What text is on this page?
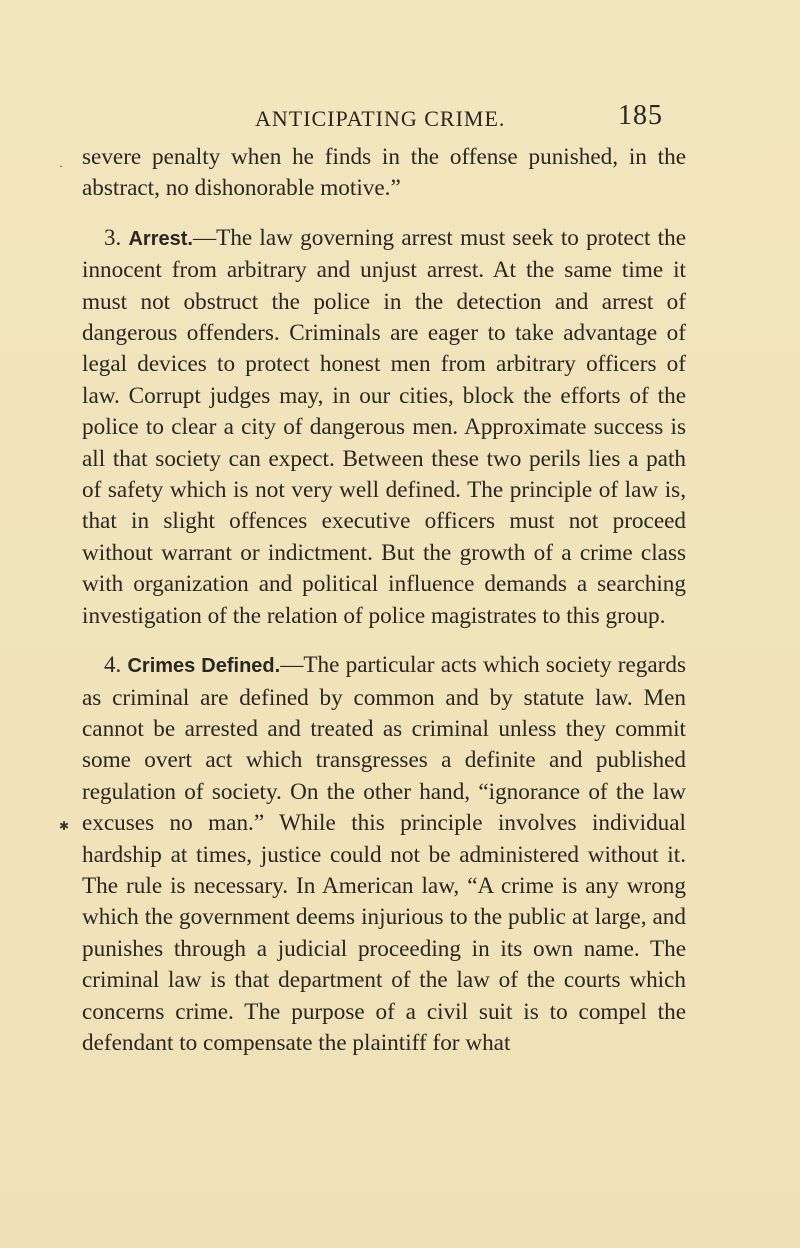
ANTICIPATING CRIME.	185
·
✱

severe penalty when he finds in the offense punished, in the abstract, no dishonorable motive.”

3. Arrest.—The law governing arrest must seek to protect the innocent from arbitrary and unjust arrest. At the same time it must not obstruct the police in the detection and arrest of dangerous offenders. Criminals are eager to take advantage of legal devices to protect honest men from arbitrary officers of law. Corrupt judges may, in our cities, block the efforts of the police to clear a city of dangerous men. Approximate success is all that society can expect. Between these two perils lies a path of safety which is not very well defined. The principle of law is, that in slight offences executive officers must not proceed without warrant or indictment. But the growth of a crime class with organization and political influence demands a searching investigation of the relation of police magistrates to this group.

4. Crimes Defined.—The particular acts which society regards as criminal are defined by common and by statute law. Men cannot be arrested and treated as criminal unless they commit some overt act which transgresses a definite and published regulation of society. On the other hand, “ignorance of the law excuses no man.” While this principle involves individual hardship at times, justice could not be administered without it. The rule is necessary. In American law, “A crime is any wrong which the government deems injurious to the public at large, and punishes through a judicial proceeding in its own name. The criminal law is that department of the law of the courts which concerns crime. The purpose of a civil suit is to compel the defendant to compensate the plaintiff for what
